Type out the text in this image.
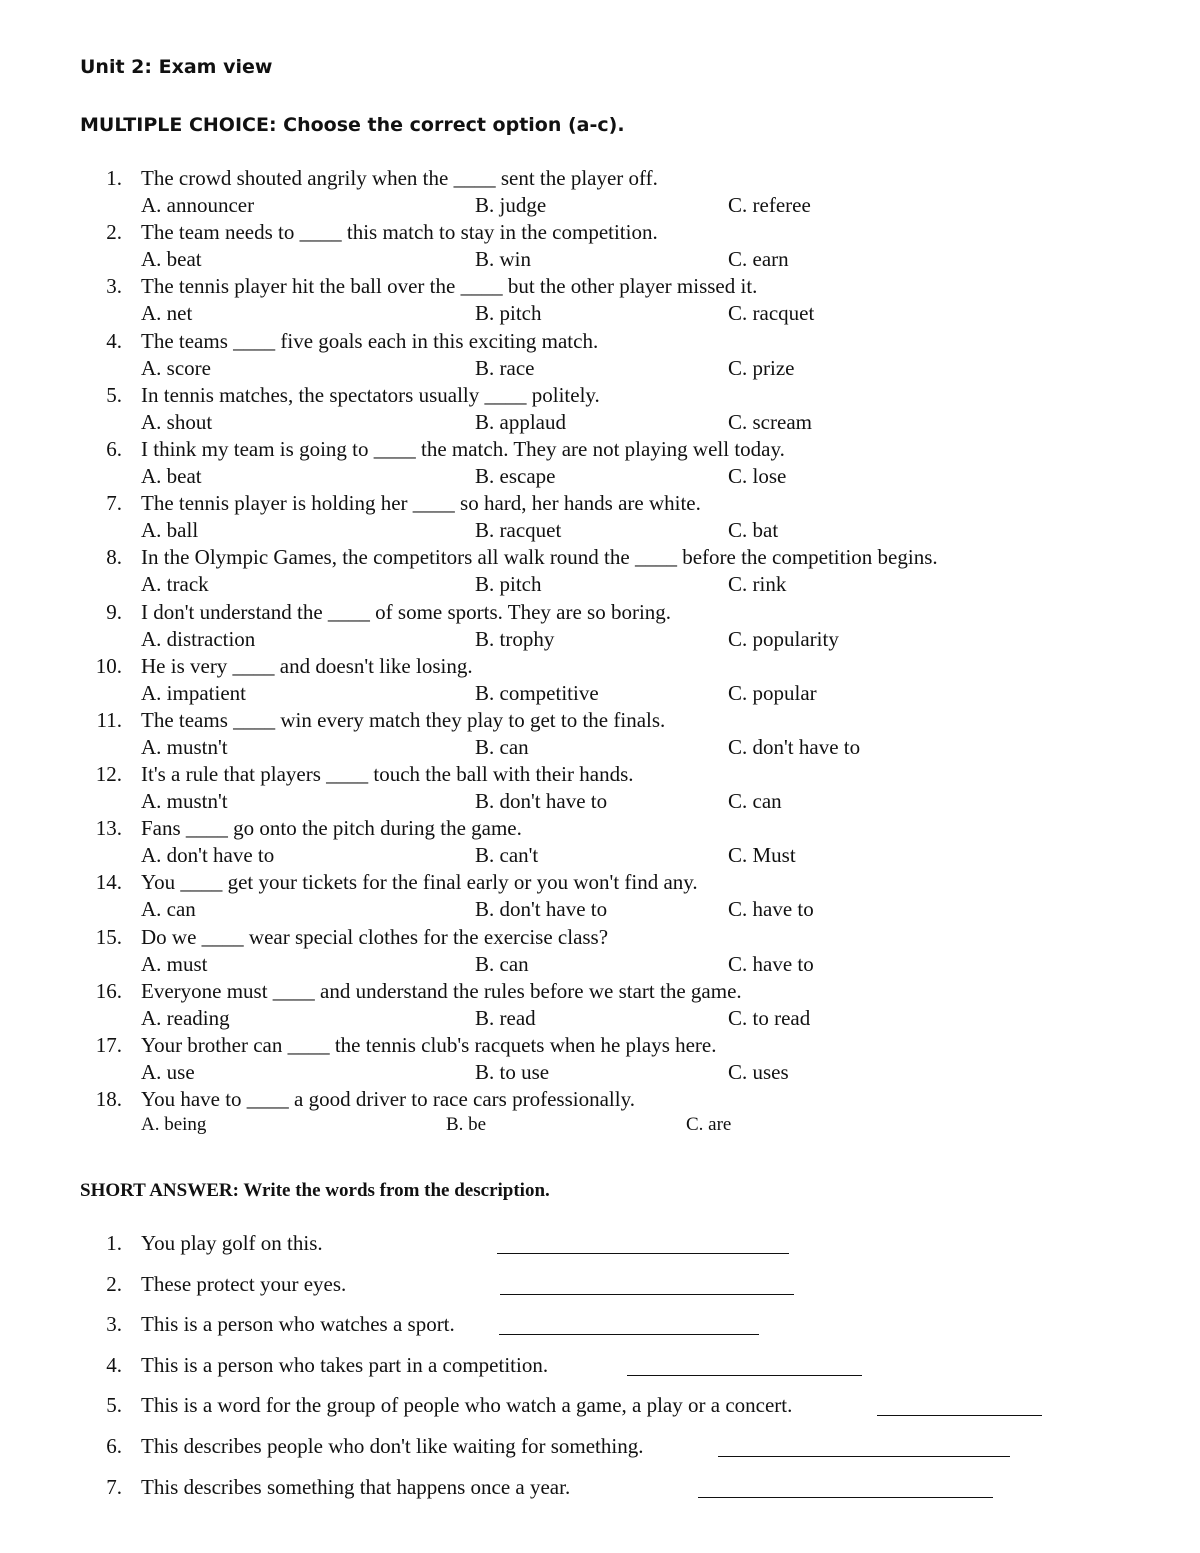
Unit 2: Exam view
MULTIPLE CHOICE: Choose the correct option (a-c).
1. The crowd shouted angrily when the ____ sent the player off.
A. announcer	B. judge	C. referee
2. The team needs to ____ this match to stay in the competition.
A. beat	B. win	C. earn
3. The tennis player hit the ball over the ____ but the other player missed it.
A. net	B. pitch	C. racquet
4. The teams ____ five goals each in this exciting match.
A. score	B. race	C. prize
5. In tennis matches, the spectators usually ____ politely.
A. shout	B. applaud	C. scream
6. I think my team is going to ____ the match. They are not playing well today.
A. beat	B. escape	C. lose
7. The tennis player is holding her ____ so hard, her hands are white.
A. ball	B. racquet	C. bat
8. In the Olympic Games, the competitors all walk round the ____ before the competition begins.
A. track	B. pitch	C. rink
9. I don't understand the ____ of some sports. They are so boring.
A. distraction	B. trophy	C. popularity
10. He is very ____ and doesn't like losing.
A. impatient	B. competitive	C. popular
11. The teams ____ win every match they play to get to the finals.
A. mustn't	B. can	C. don't have to
12. It's a rule that players ____ touch the ball with their hands.
A. mustn't	B. don't have to	C. can
13. Fans ____ go onto the pitch during the game.
A. don't have to	B. can't	C. Must
14. You ____ get your tickets for the final early or you won't find any.
A. can	B. don't have to	C. have to
15. Do we ____ wear special clothes for the exercise class?
A. must	B. can	C. have to
16. Everyone must ____ and understand the rules before we start the game.
A. reading	B. read	C. to read
17. Your brother can ____ the tennis club's racquets when he plays here.
A. use	B. to use	C. uses
18. You have to ____ a good driver to race cars professionally.
A. being	B. be	C. are
SHORT ANSWER: Write the words from the description.
1. You play golf on this.
2. These protect your eyes.
3. This is a person who watches a sport.
4. This is a person who takes part in a competition.
5. This is a word for the group of people who watch a game, a play or a concert.
6. This describes people who don't like waiting for something.
7. This describes something that happens once a year.
